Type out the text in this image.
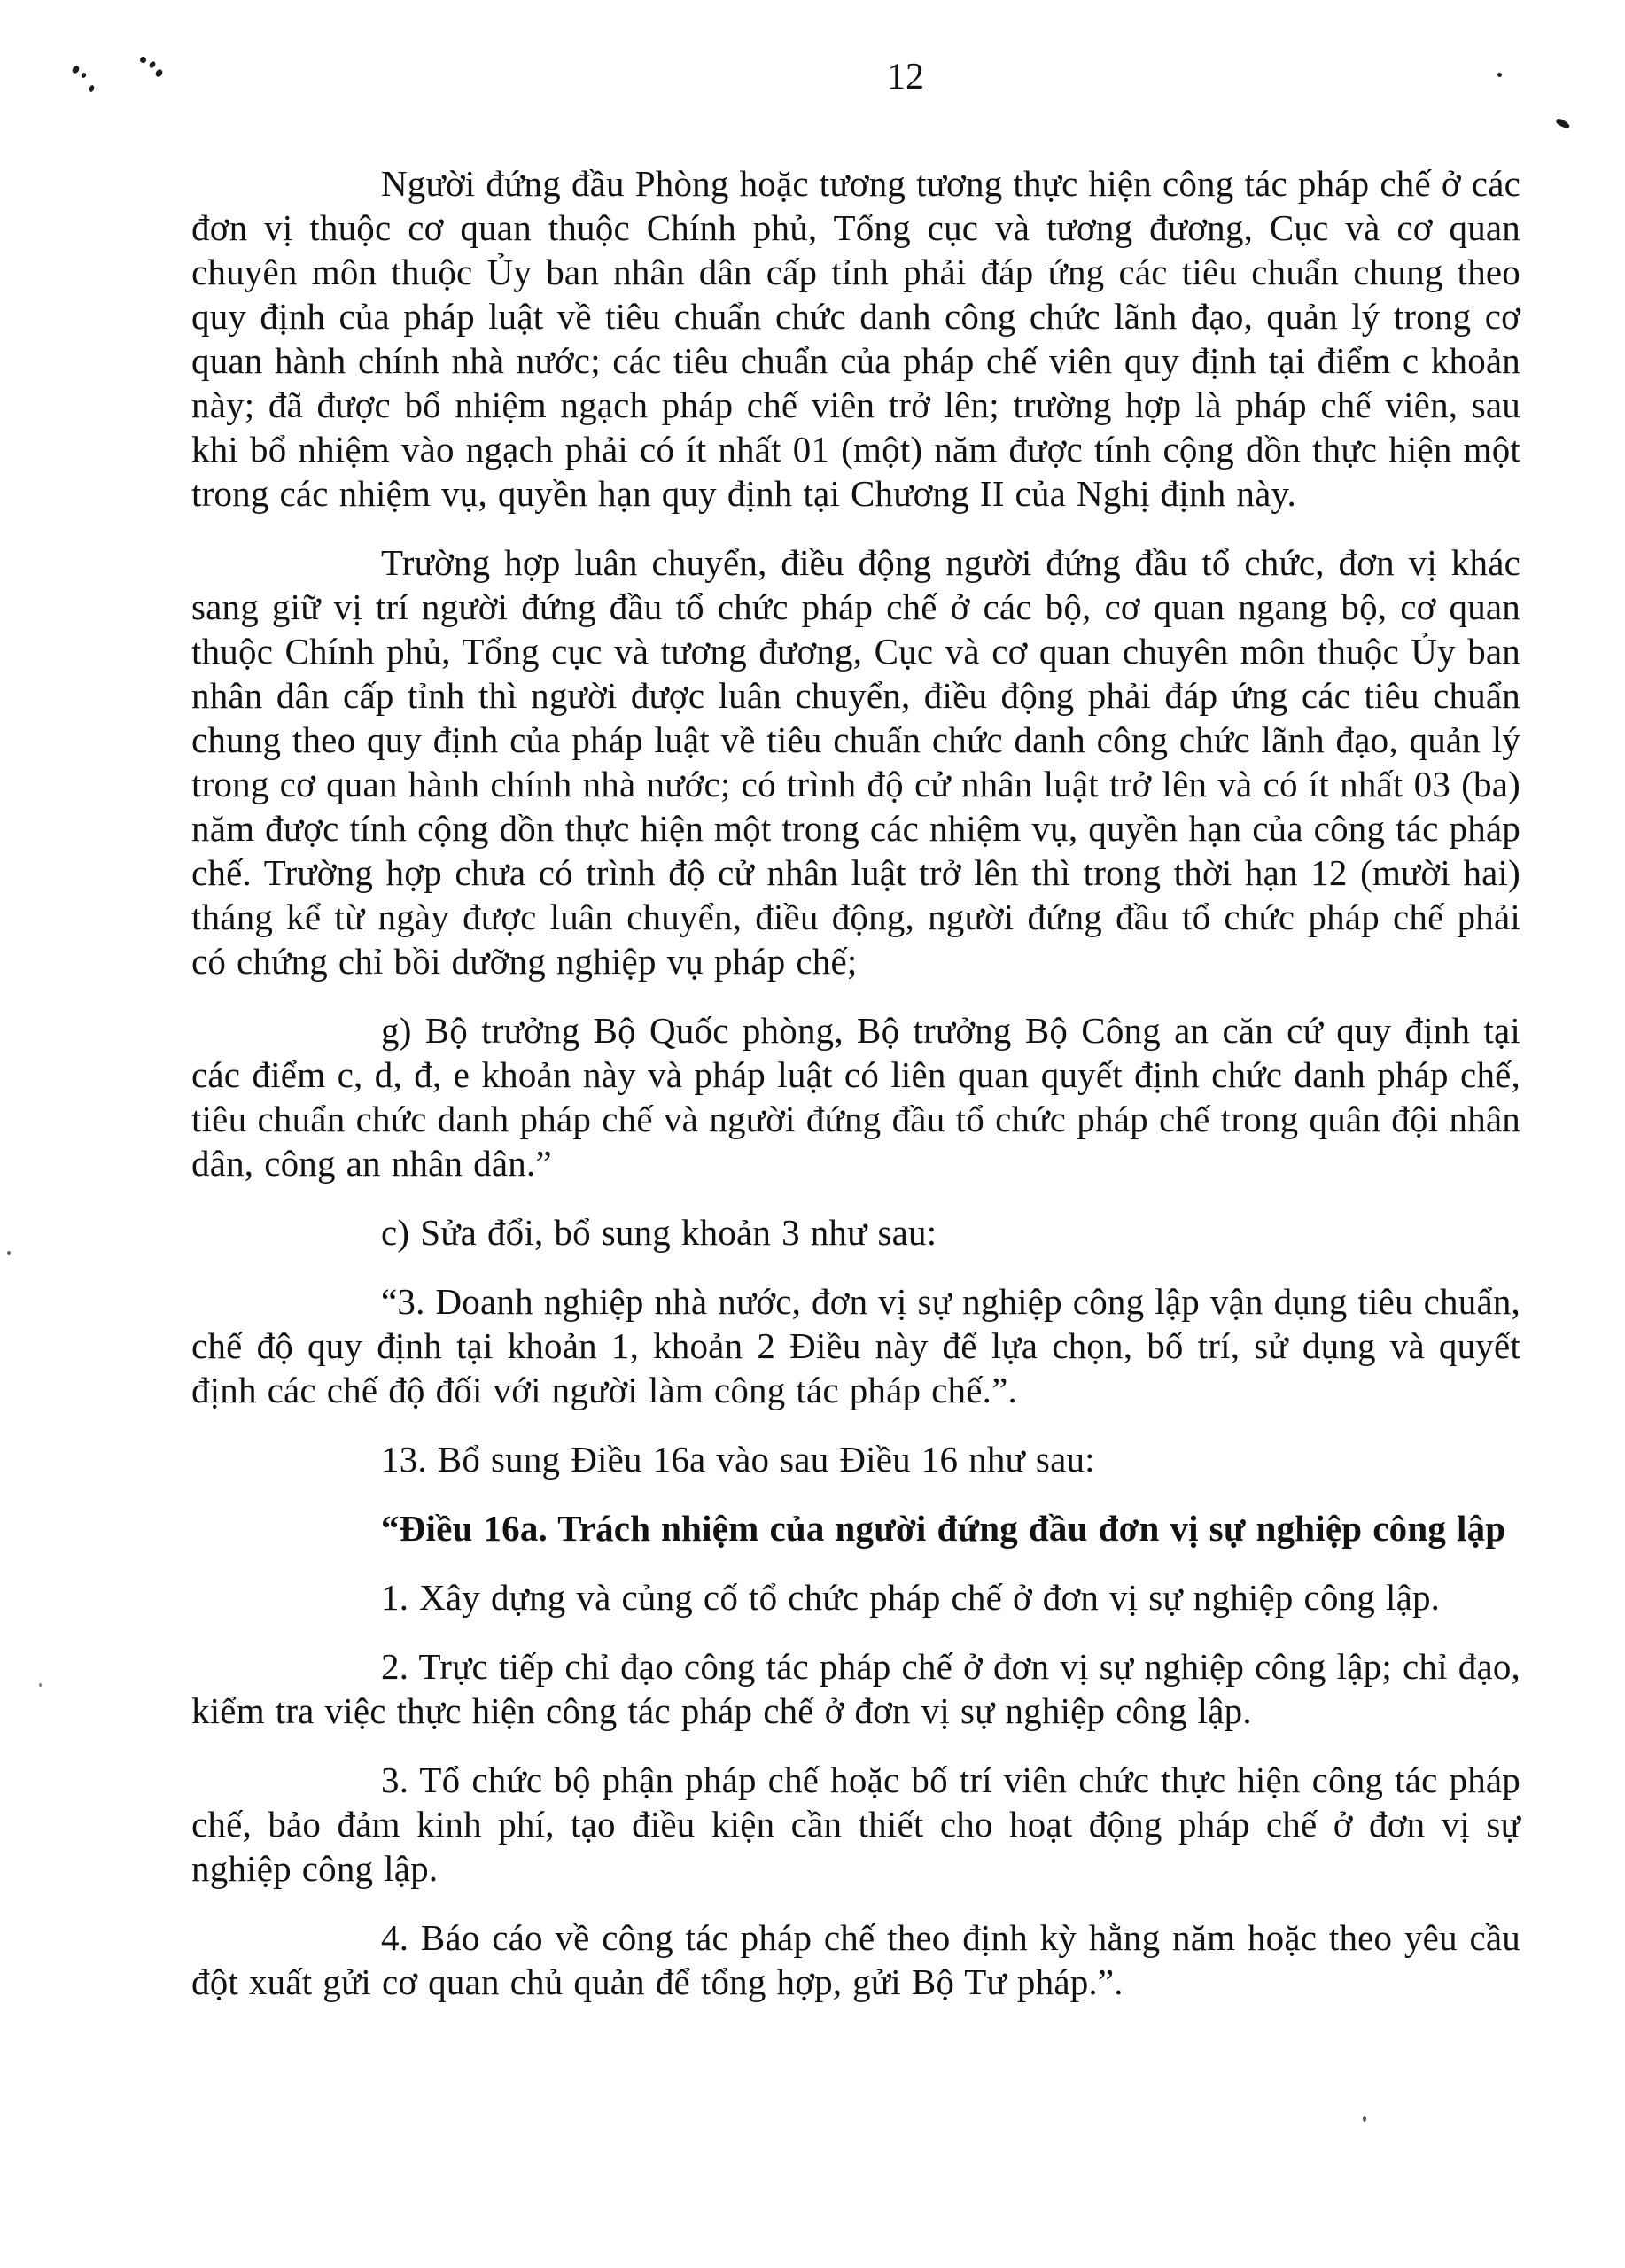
12

Người đứng đầu Phòng hoặc tương tương thực hiện công tác pháp chế ở các đơn vị thuộc cơ quan thuộc Chính phủ, Tổng cục và tương đương, Cục và cơ quan chuyên môn thuộc Ủy ban nhân dân cấp tỉnh phải đáp ứng các tiêu chuẩn chung theo quy định của pháp luật về tiêu chuẩn chức danh công chức lãnh đạo, quản lý trong cơ quan hành chính nhà nước; các tiêu chuẩn của pháp chế viên quy định tại điểm c khoản này; đã được bổ nhiệm ngạch pháp chế viên trở lên; trường hợp là pháp chế viên, sau khi bổ nhiệm vào ngạch phải có ít nhất 01 (một) năm được tính cộng dồn thực hiện một trong các nhiệm vụ, quyền hạn quy định tại Chương II của Nghị định này.

Trường hợp luân chuyển, điều động người đứng đầu tổ chức, đơn vị khác sang giữ vị trí người đứng đầu tổ chức pháp chế ở các bộ, cơ quan ngang bộ, cơ quan thuộc Chính phủ, Tổng cục và tương đương, Cục và cơ quan chuyên môn thuộc Ủy ban nhân dân cấp tỉnh thì người được luân chuyển, điều động phải đáp ứng các tiêu chuẩn chung theo quy định của pháp luật về tiêu chuẩn chức danh công chức lãnh đạo, quản lý trong cơ quan hành chính nhà nước; có trình độ cử nhân luật trở lên và có ít nhất 03 (ba) năm được tính cộng dồn thực hiện một trong các nhiệm vụ, quyền hạn của công tác pháp chế. Trường hợp chưa có trình độ cử nhân luật trở lên thì trong thời hạn 12 (mười hai) tháng kể từ ngày được luân chuyển, điều động, người đứng đầu tổ chức pháp chế phải có chứng chỉ bồi dưỡng nghiệp vụ pháp chế;

g) Bộ trưởng Bộ Quốc phòng, Bộ trưởng Bộ Công an căn cứ quy định tại các điểm c, d, đ, e khoản này và pháp luật có liên quan quyết định chức danh pháp chế, tiêu chuẩn chức danh pháp chế và người đứng đầu tổ chức pháp chế trong quân đội nhân dân, công an nhân dân.”

c) Sửa đổi, bổ sung khoản 3 như sau:

“3. Doanh nghiệp nhà nước, đơn vị sự nghiệp công lập vận dụng tiêu chuẩn, chế độ quy định tại khoản 1, khoản 2 Điều này để lựa chọn, bố trí, sử dụng và quyết định các chế độ đối với người làm công tác pháp chế.”.

13. Bổ sung Điều 16a vào sau Điều 16 như sau:

“Điều 16a. Trách nhiệm của người đứng đầu đơn vị sự nghiệp công lập

1. Xây dựng và củng cố tổ chức pháp chế ở đơn vị sự nghiệp công lập.

2. Trực tiếp chỉ đạo công tác pháp chế ở đơn vị sự nghiệp công lập; chỉ đạo, kiểm tra việc thực hiện công tác pháp chế ở đơn vị sự nghiệp công lập.

3. Tổ chức bộ phận pháp chế hoặc bố trí viên chức thực hiện công tác pháp chế, bảo đảm kinh phí, tạo điều kiện cần thiết cho hoạt động pháp chế ở đơn vị sự nghiệp công lập.

4. Báo cáo về công tác pháp chế theo định kỳ hằng năm hoặc theo yêu cầu đột xuất gửi cơ quan chủ quản để tổng hợp, gửi Bộ Tư pháp.”.
